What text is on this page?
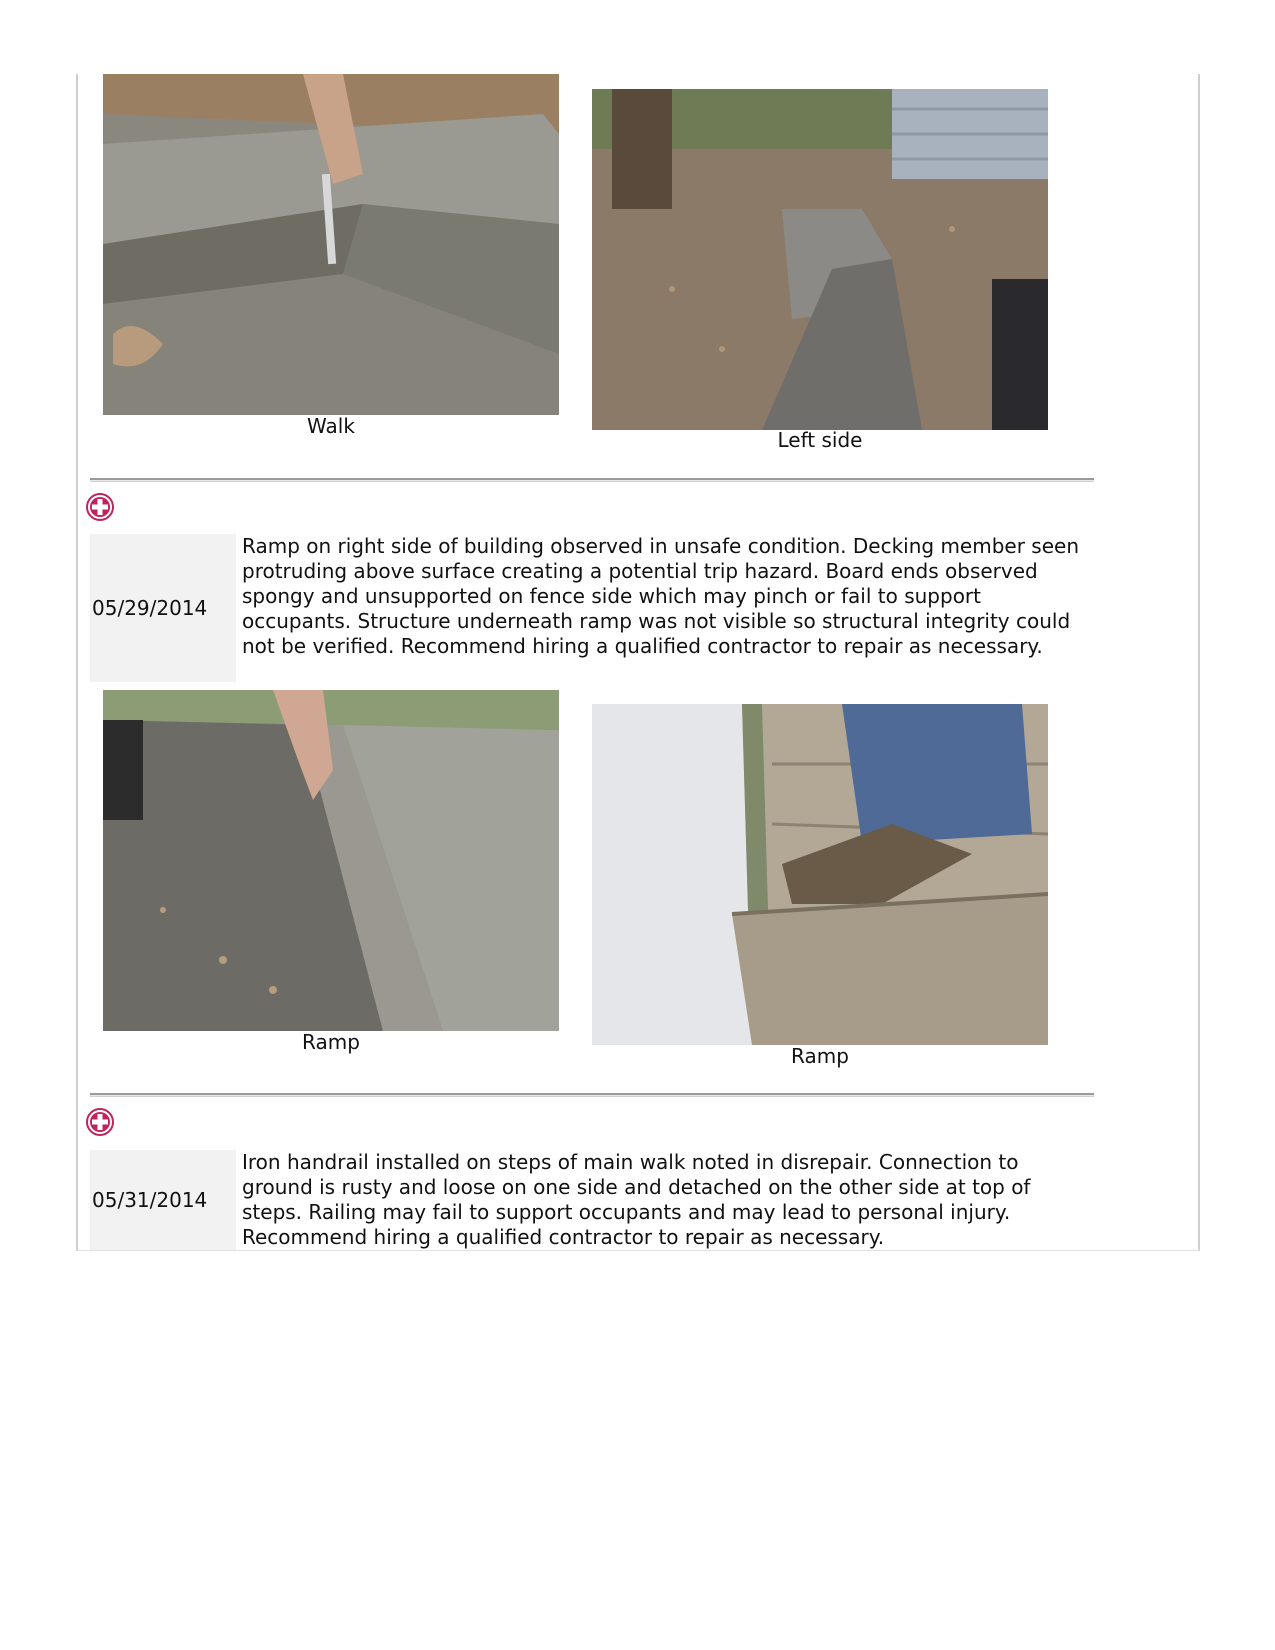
Walk
Left side
05/29/2014
Ramp on right side of building observed in unsafe condition. Decking member seen protruding above surface creating a potential trip hazard. Board ends observed spongy and unsupported on fence side which may pinch or fail to support occupants. Structure underneath ramp was not visible so structural integrity could not be verified. Recommend hiring a qualified contractor to repair as necessary.
Ramp
Ramp
05/31/2014
Iron handrail installed on steps of main walk noted in disrepair. Connection to ground is rusty and loose on one side and detached on the other side at top of steps. Railing may fail to support occupants and may lead to personal injury. Recommend hiring a qualified contractor to repair as necessary.
